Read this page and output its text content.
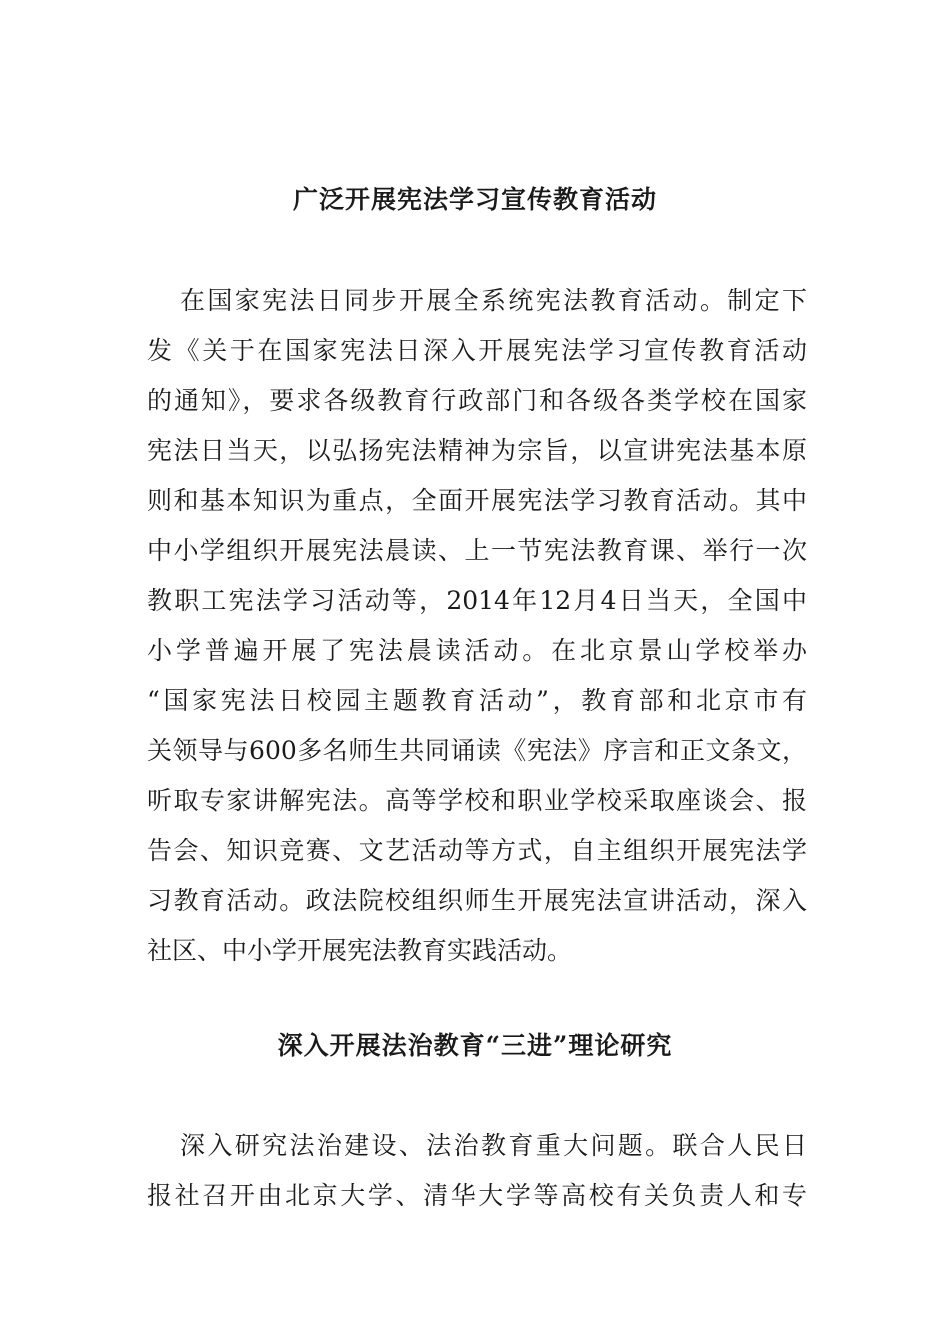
广泛开展宪法学习宣传教育活动
在国家宪法日同步开展全系统宪法教育活动。制定下
发《关于在国家宪法日深入开展宪法学习宣传教育活动
的通知》，要求各级教育行政部门和各级各类学校在国家
宪法日当天，以弘扬宪法精神为宗旨，以宣讲宪法基本原
则和基本知识为重点，全面开展宪法学习教育活动。其中
中小学组织开展宪法晨读、上一节宪法教育课、举行一次
教职工宪法学习活动等，2014年12月4日当天，全国中
小学普遍开展了宪法晨读活动。在北京景山学校举办
“国家宪法日校园主题教育活动”，教育部和北京市有
关领导与600多名师生共同诵读《宪法》序言和正文条文，
听取专家讲解宪法。高等学校和职业学校采取座谈会、报
告会、知识竞赛、文艺活动等方式，自主组织开展宪法学
习教育活动。政法院校组织师生开展宪法宣讲活动，深入
社区、中小学开展宪法教育实践活动。
深入开展法治教育“三进”理论研究
深入研究法治建设、法治教育重大问题。联合人民日
报社召开由北京大学、清华大学等高校有关负责人和专
